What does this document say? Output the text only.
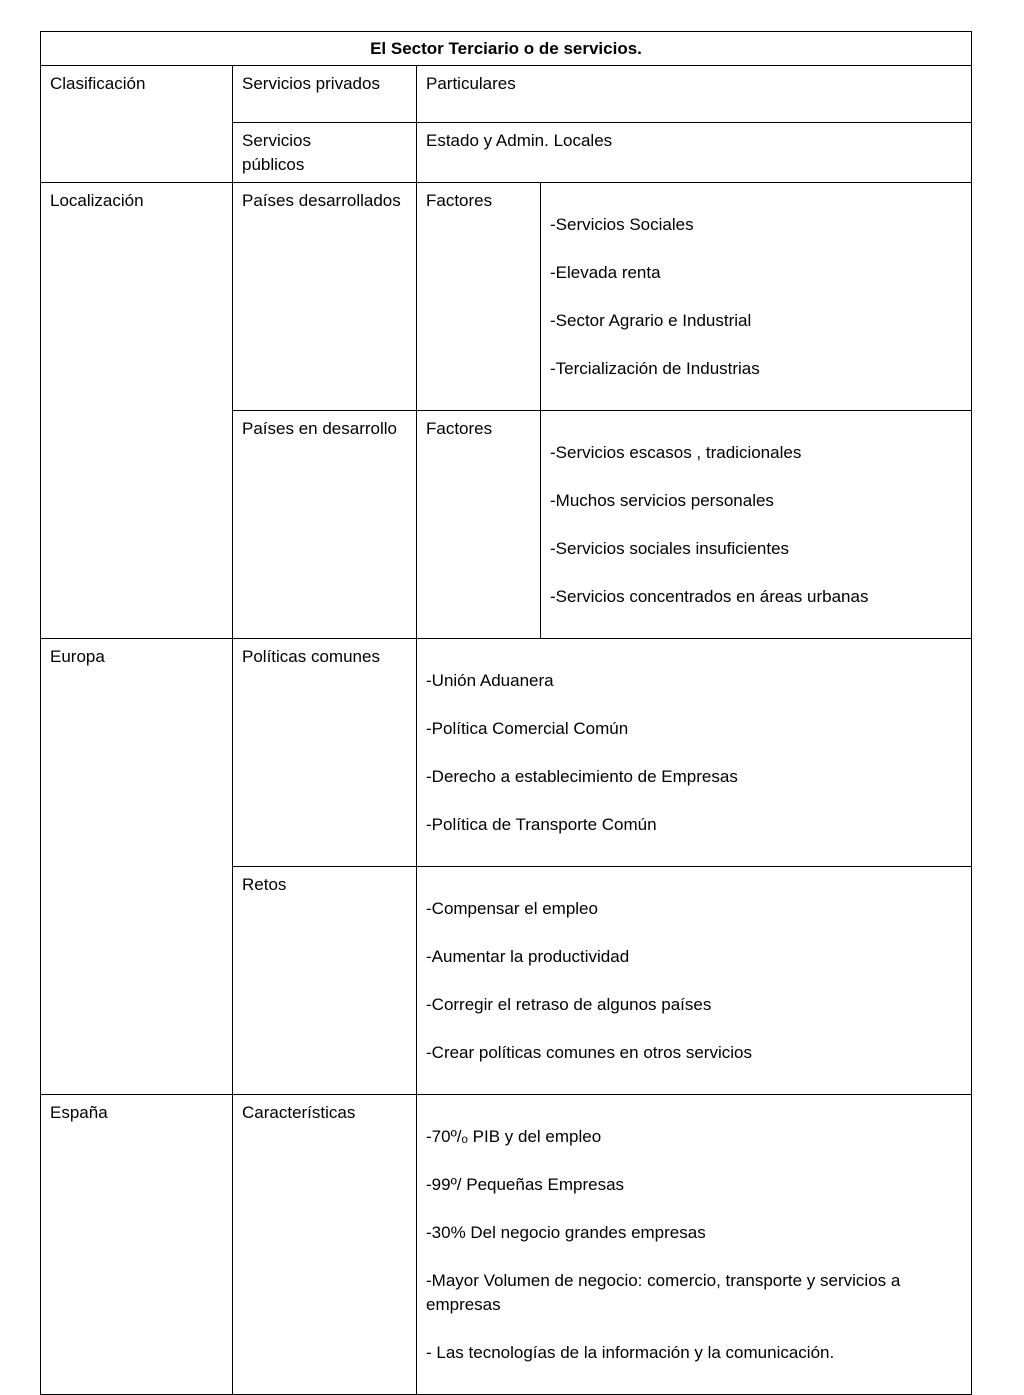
El Sector Terciario o de servicios.			
Clasificación	Servicios privados	Particulares	
	Servicios
públicos	Estado y Admin. Locales	
Localización	Países desarrollados	Factores	-Servicios Sociales

-Elevada renta

-Sector Agrario e Industrial

-Tercialización de Industrias

	Países en desarrollo	Factores	-Servicios escasos , tradicionales

-Muchos servicios personales

-Servicios sociales insuficientes

-Servicios concentrados en áreas urbanas

Europa	Políticas comunes	-Unión Aduanera

-Política Comercial Común

-Derecho a establecimiento de Empresas

-Política de Transporte Común	

	Retos	-Compensar el empleo

-Aumentar la productividad

-Corregir el retraso de algunos países

-Crear políticas comunes en otros servicios	

España	Características	-70º/ₒ PIB y del empleo

-99º/ Pequeñas Empresas

-30% Del negocio grandes empresas

-Mayor Volumen de negocio: comercio, transporte y servicios a empresas

- Las tecnologías de la información y la comunicación.	
